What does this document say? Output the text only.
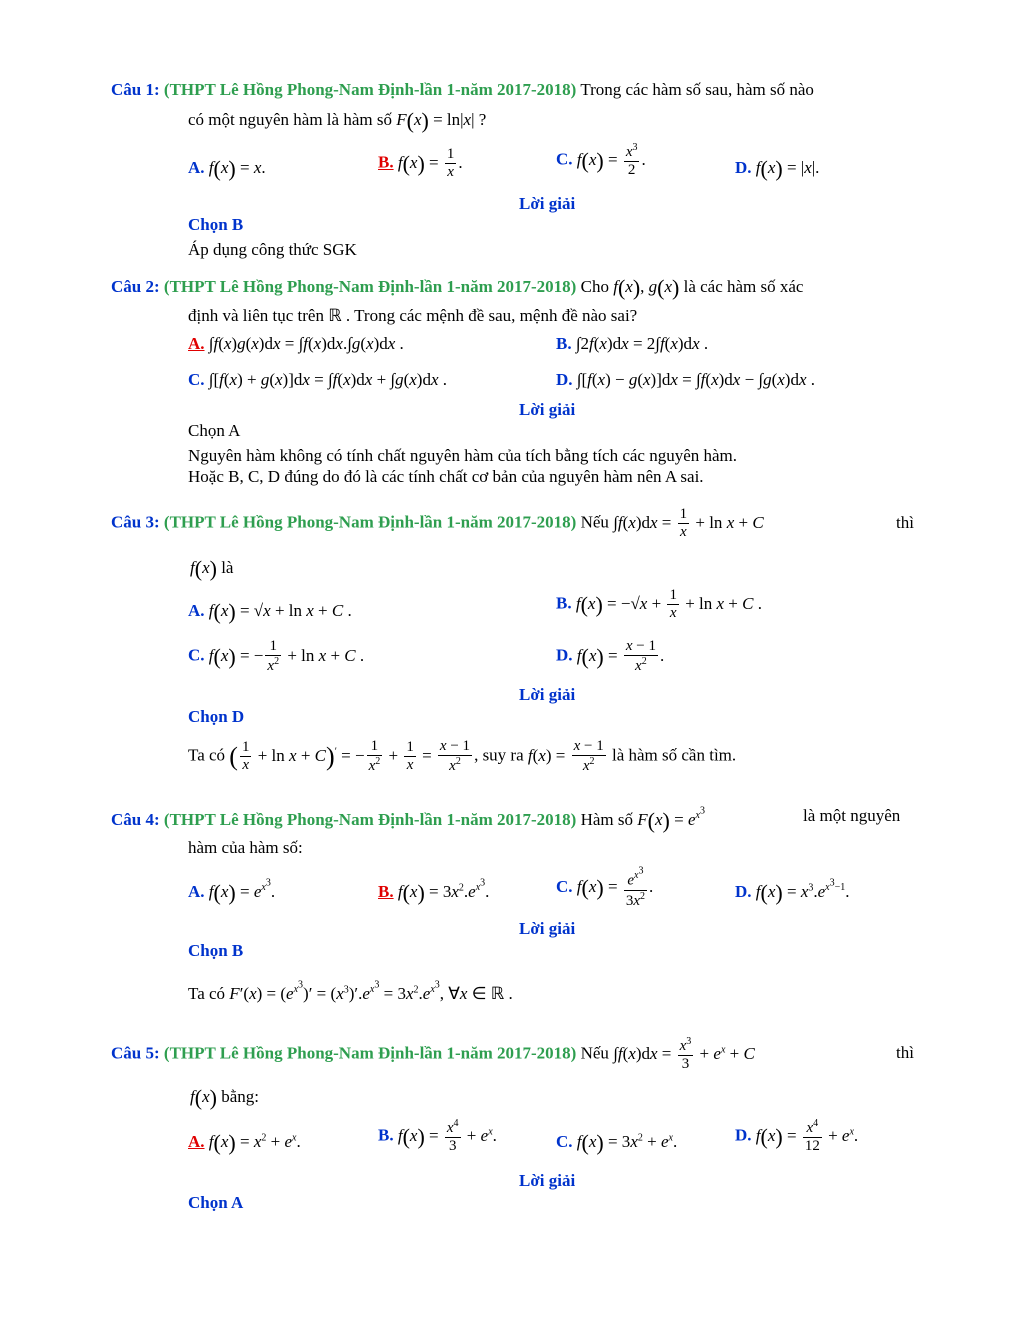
Câu 1: (THPT Lê Hồng Phong-Nam Định-lần 1-năm 2017-2018) Trong các hàm số sau, hàm số nào
có một nguyên hàm là hàm số F(x) = ln|x| ?
A. f(x) = x.	B. $f(x) = \frac{1}{x}$ .	C. $f(x) = \frac{x^3}{2}$ .	D. f(x) = |x|.
Lời giải
Chọn B
Áp dụng công thức SGK
Câu 2: (THPT Lê Hồng Phong-Nam Định-lần 1-năm 2017-2018) Cho f(x), g(x) là các hàm số xác
định và liên tục trên ℝ . Trong các mệnh đề sau, mệnh đề nào sai?
A. ∫f(x)g(x)dx = ∫f(x)dx.∫g(x)dx .	B. ∫2f(x)dx = 2∫f(x)dx .
C. ∫[f(x) + g(x)]dx = ∫f(x)dx + ∫g(x)dx .	D. ∫[f(x) − g(x)]dx = ∫f(x)dx − ∫g(x)dx .
Lời giải
Chọn A
Nguyên hàm không có tính chất nguyên hàm của tích bằng tích các nguyên hàm.
Hoặc B, C, D đúng do đó là các tính chất cơ bản của nguyên hàm nên A sai.
Câu 3: (THPT Lê Hồng Phong-Nam Định-lần 1-năm 2017-2018) Nếu $\int f(x)dx = \frac{1}{x} + \ln x + C$	thì
f(x) là
A. f(x) = √x + ln x + C .	B. $f(x) = -√x + \frac{1}{x} + \ln x + C$ .
C. f(x) = − $\frac{1}{x^2} + \ln x + C$ .	D. $f(x) = \frac{x - 1}{x^2}$ .
Lời giải
Chọn D
Ta có ( $\frac{1}{x} + \ln x + C)'$ = − $\frac{1}{x^2} + \frac{1}{x} = \frac{x - 1}{x^2}$ , suy ra $f(x) = \frac{x - 1}{x^2}$ là hàm số cần tìm.
Câu 4: (THPT Lê Hồng Phong-Nam Định-lần 1-năm 2017-2018) Hàm số $F(x) = e^{x^3}$	là một nguyên
hàm của hàm số:
A. $f(x) = e^{x^3}$.	B. $f(x) = 3x^2.e^{x^3}$.	C. $f(x) = \frac{e^{x^3}}{3x^2}$ .	D. $f(x) = x^3.e^{x^3-1}$.
Lời giải
Chọn B
Ta có $F'(x) = (e^{x^3})' = (x^3)'.e^{x^3} = 3x^2.e^{x^3}$, ∀x ∈ ℝ .
Câu 5: (THPT Lê Hồng Phong-Nam Định-lần 1-năm 2017-2018) Nếu $\int f(x)dx = \frac{x^3}{3} + e^x + C$	thì
f(x) bằng:
A. $f(x) = x^2 + e^x$.	B. $f(x) = \frac{x^4}{3} + e^x$.	C. $f(x) = 3x^2 + e^x$.	D. $f(x) = \frac{x^4}{12} + e^x$.
Lời giải
Chọn A
